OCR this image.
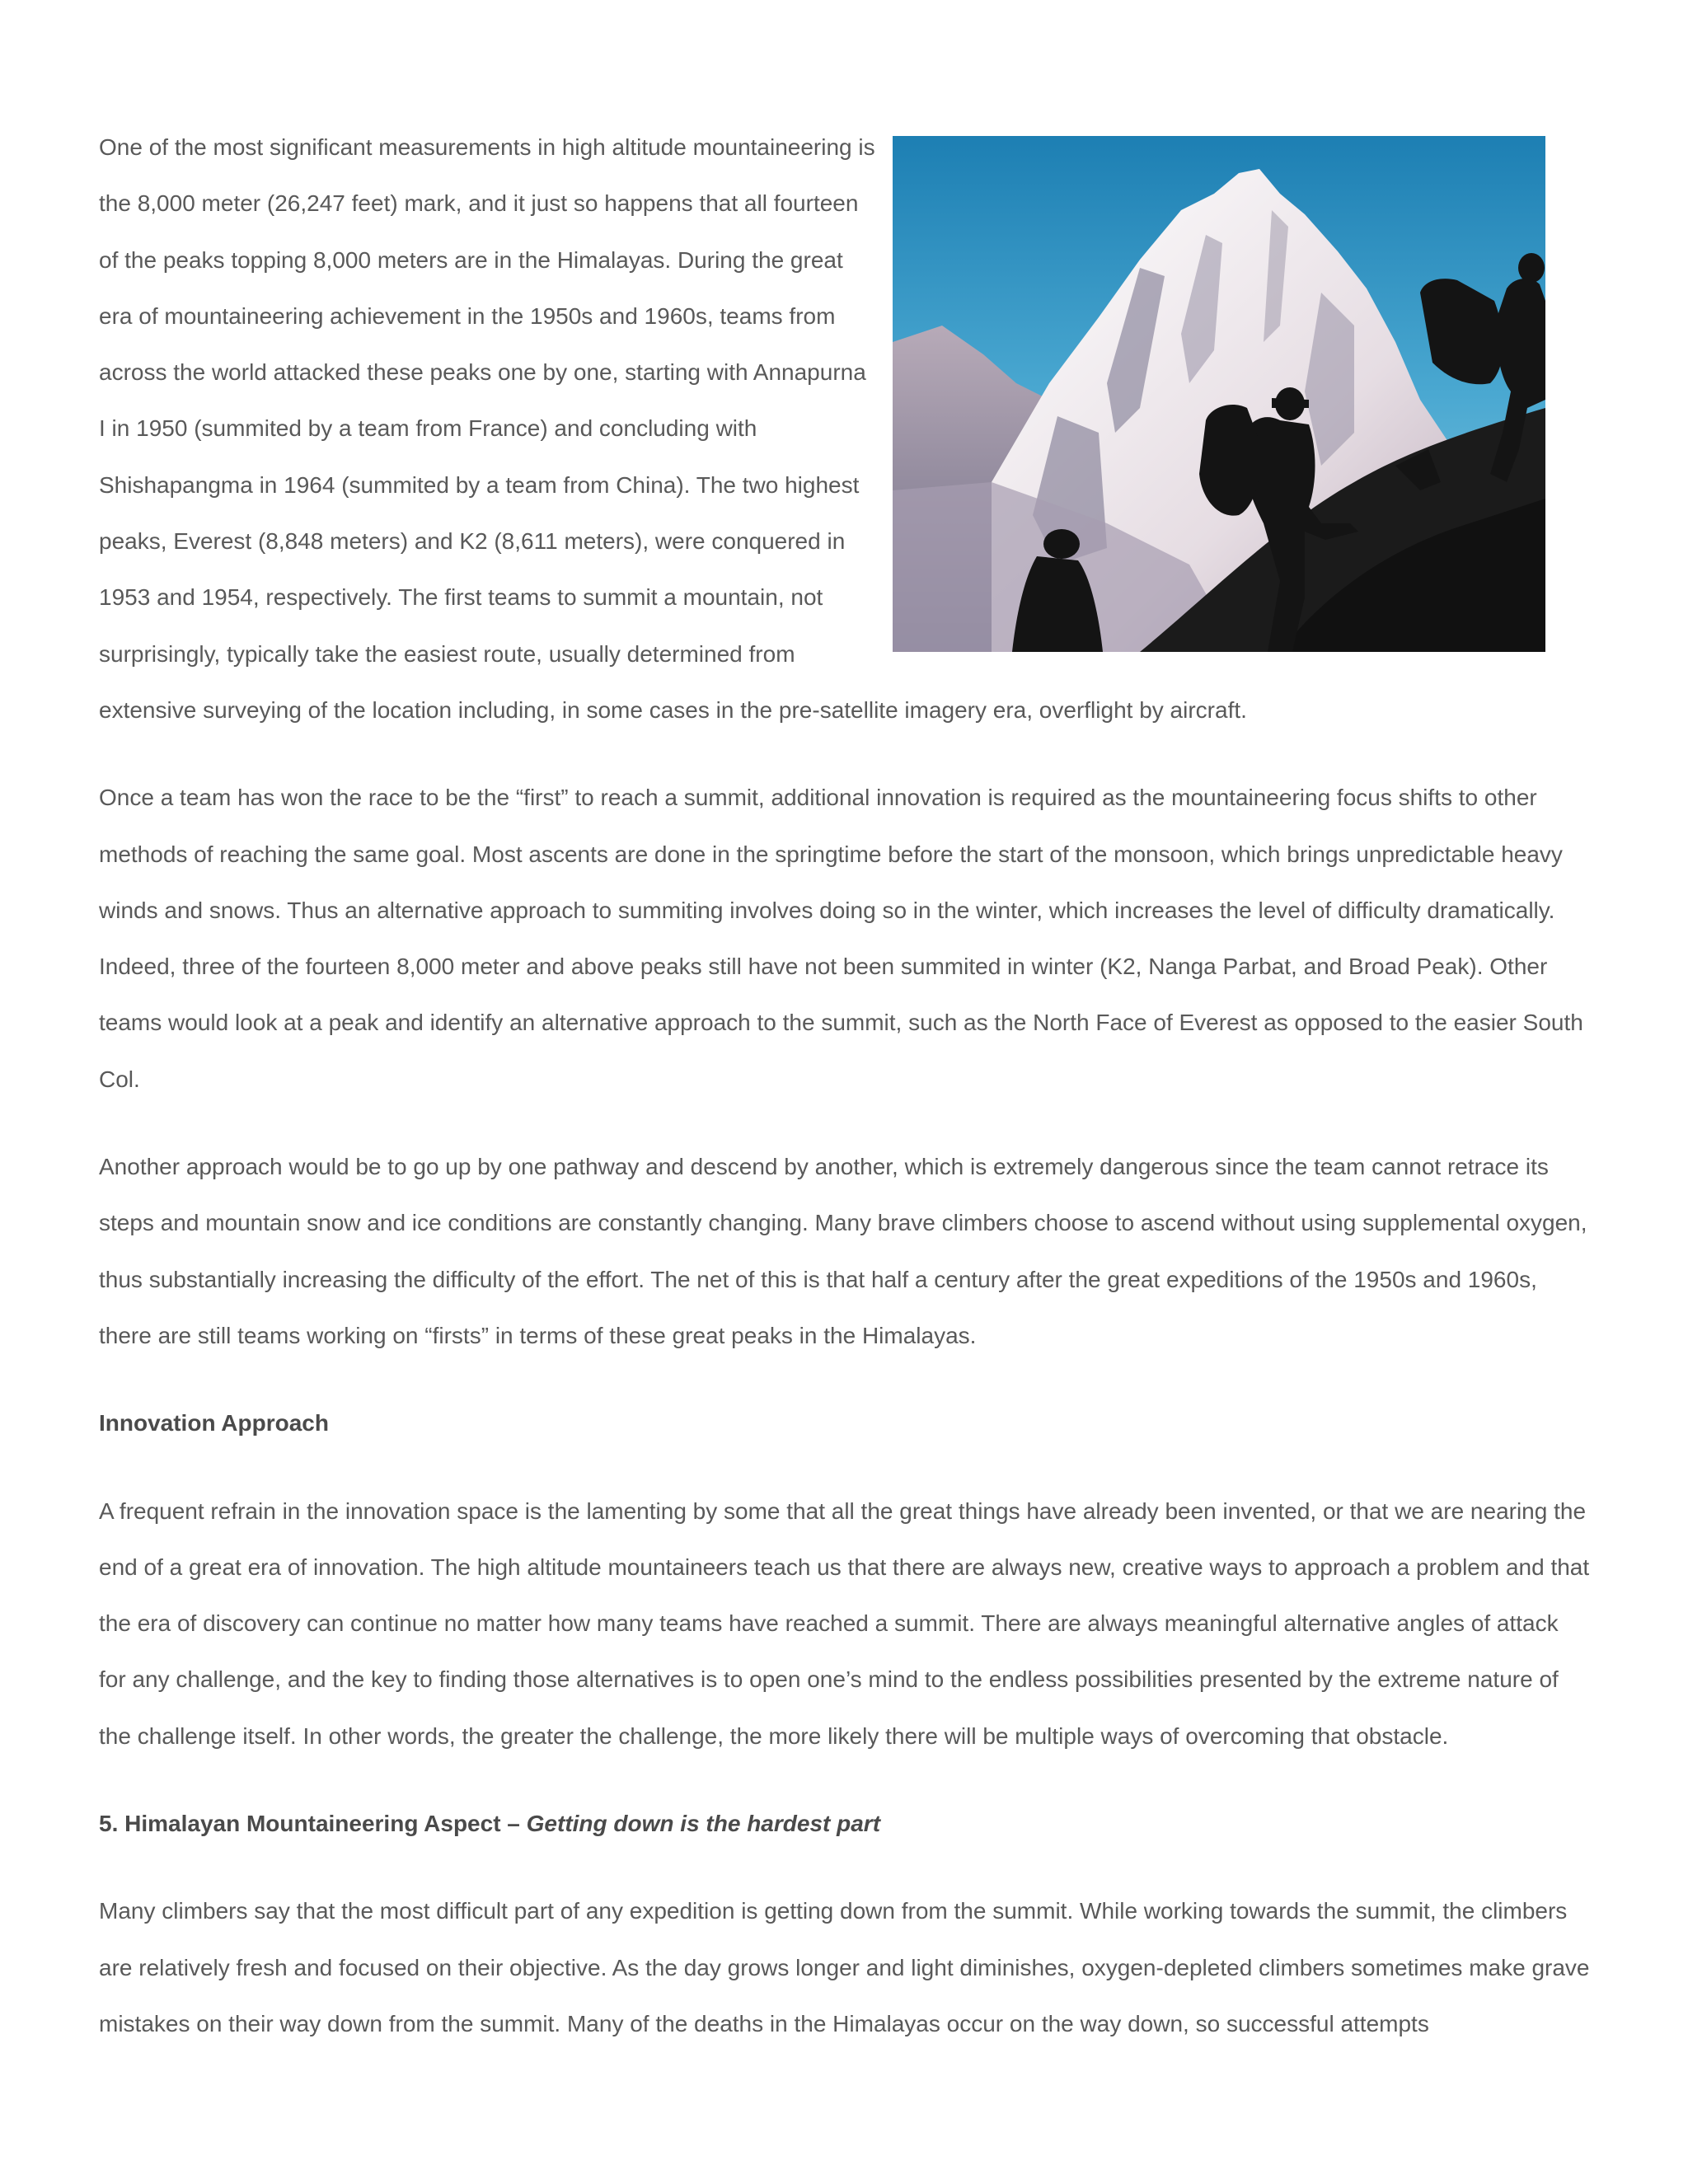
One of the most significant measurements in high altitude mountaineering is the 8,000 meter (26,247 feet) mark, and it just so happens that all fourteen of the peaks topping 8,000 meters are in the Himalayas. During the great era of mountaineering achievement in the 1950s and 1960s, teams from across the world attacked these peaks one by one, starting with Annapurna I in 1950 (summited by a team from France) and concluding with Shishapangma in 1964 (summited by a team from China). The two highest peaks, Everest (8,848 meters) and K2 (8,611 meters), were conquered in 1953 and 1954, respectively. The first teams to summit a mountain, not surprisingly, typically take the easiest route, usually determined from extensive surveying of the location including, in some cases in the pre-satellite imagery era, overflight by aircraft.

Once a team has won the race to be the “first” to reach a summit, additional innovation is required as the mountaineering focus shifts to other methods of reaching the same goal. Most ascents are done in the springtime before the start of the monsoon, which brings unpredictable heavy winds and snows. Thus an alternative approach to summiting involves doing so in the winter, which increases the level of difficulty dramatically. Indeed, three of the fourteen 8,000 meter and above peaks still have not been summited in winter (K2, Nanga Parbat, and Broad Peak). Other teams would look at a peak and identify an alternative approach to the summit, such as the North Face of Everest as opposed to the easier South Col.

Another approach would be to go up by one pathway and descend by another, which is extremely dangerous since the team cannot retrace its steps and mountain snow and ice conditions are constantly changing. Many brave climbers choose to ascend without using supplemental oxygen, thus substantially increasing the difficulty of the effort. The net of this is that half a century after the great expeditions of the 1950s and 1960s, there are still teams working on “firsts” in terms of these great peaks in the Himalayas.

Innovation Approach

A frequent refrain in the innovation space is the lamenting by some that all the great things have already been invented, or that we are nearing the end of a great era of innovation. The high altitude mountaineers teach us that there are always new, creative ways to approach a problem and that the era of discovery can continue no matter how many teams have reached a summit. There are always meaningful alternative angles of attack for any challenge, and the key to finding those alternatives is to open one’s mind to the endless possibilities presented by the extreme nature of the challenge itself. In other words, the greater the challenge, the more likely there will be multiple ways of overcoming that obstacle.

5. Himalayan Mountaineering Aspect – Getting down is the hardest part

Many climbers say that the most difficult part of any expedition is getting down from the summit. While working towards the summit, the climbers are relatively fresh and focused on their objective. As the day grows longer and light diminishes, oxygen-depleted climbers sometimes make grave mistakes on their way down from the summit. Many of the deaths in the Himalayas occur on the way down, so successful attempts
